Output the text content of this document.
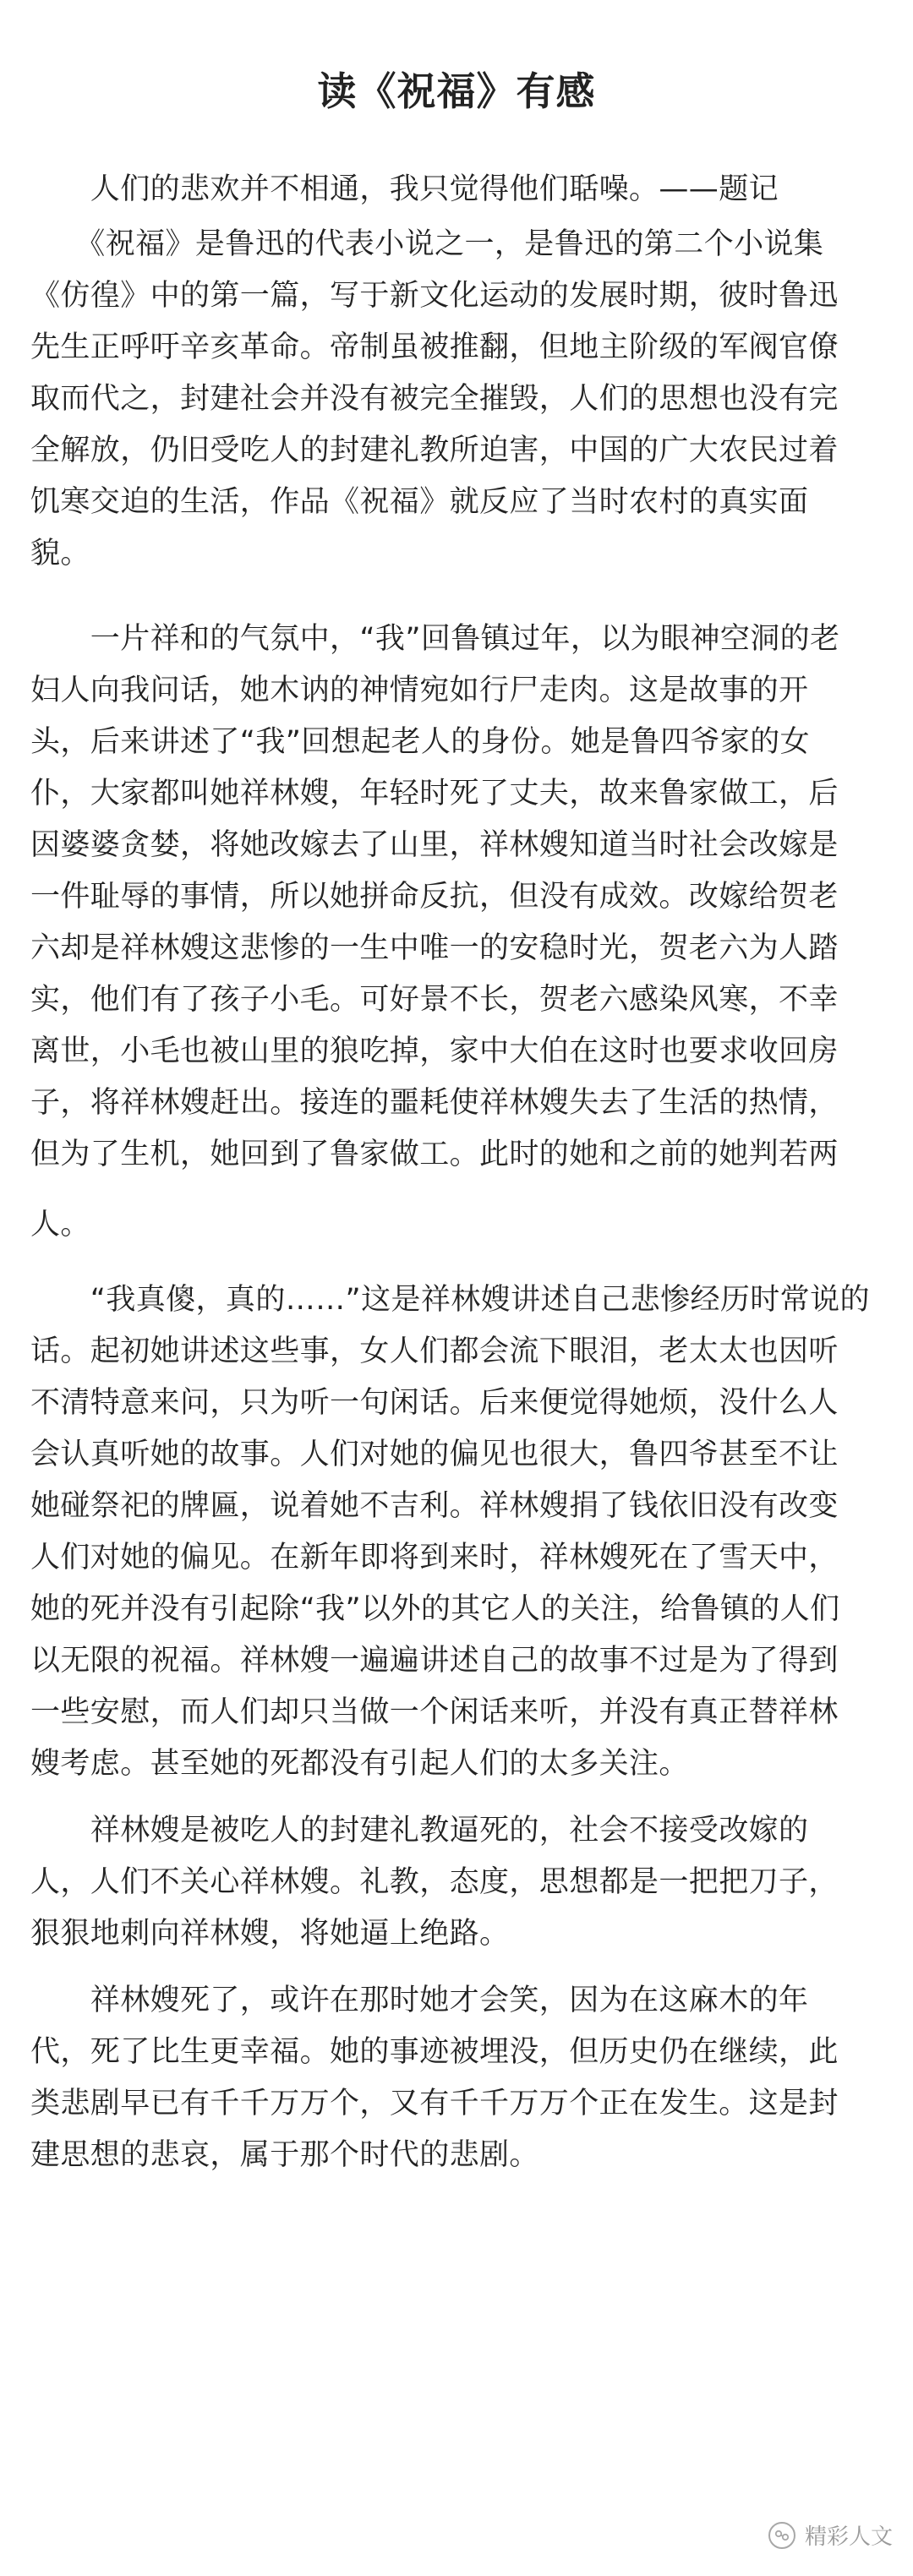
读《祝福》有感
　　人们的悲欢并不相通，我只觉得他们聒噪。——题记
　　《祝福》是鲁迅的代表小说之一，是鲁迅的第二个小说集
《仿徨》中的第一篇，写于新文化运动的发展时期，彼时鲁迅
先生正呼吁辛亥革命。帝制虽被推翻，但地主阶级的军阀官僚
取而代之，封建社会并没有被完全摧毁，人们的思想也没有完
全解放，仍旧受吃人的封建礼教所迫害，中国的广大农民过着
饥寒交迫的生活，作品《祝福》就反应了当时农村的真实面
貌。
　　一片祥和的气氛中，“我”回鲁镇过年，以为眼神空洞的老
妇人向我问话，她木讷的神情宛如行尸走肉。这是故事的开
头，后来讲述了“我”回想起老人的身份。她是鲁四爷家的女
仆，大家都叫她祥林嫂，年轻时死了丈夫，故来鲁家做工，后
因婆婆贪婪，将她改嫁去了山里，祥林嫂知道当时社会改嫁是
一件耻辱的事情，所以她拼命反抗，但没有成效。改嫁给贺老
六却是祥林嫂这悲惨的一生中唯一的安稳时光，贺老六为人踏
实，他们有了孩子小毛。可好景不长，贺老六感染风寒，不幸
离世，小毛也被山里的狼吃掉，家中大伯在这时也要求收回房
子，将祥林嫂赶出。接连的噩耗使祥林嫂失去了生活的热情，
但为了生机，她回到了鲁家做工。此时的她和之前的她判若两
人。
　　“我真傻，真的……”这是祥林嫂讲述自己悲惨经历时常说的
话。起初她讲述这些事，女人们都会流下眼泪，老太太也因听
不清特意来问，只为听一句闲话。后来便觉得她烦，没什么人
会认真听她的故事。人们对她的偏见也很大，鲁四爷甚至不让
她碰祭祀的牌匾，说着她不吉利。祥林嫂捐了钱依旧没有改变
人们对她的偏见。在新年即将到来时，祥林嫂死在了雪天中，
她的死并没有引起除“我”以外的其它人的关注，给鲁镇的人们
以无限的祝福。祥林嫂一遍遍讲述自己的故事不过是为了得到
一些安慰，而人们却只当做一个闲话来听，并没有真正替祥林
嫂考虑。甚至她的死都没有引起人们的太多关注。
　　祥林嫂是被吃人的封建礼教逼死的，社会不接受改嫁的
人，人们不关心祥林嫂。礼教，态度，思想都是一把把刀子，
狠狠地刺向祥林嫂，将她逼上绝路。
　　祥林嫂死了，或许在那时她才会笑，因为在这麻木的年
代，死了比生更幸福。她的事迹被埋没，但历史仍在继续，此
类悲剧早已有千千万万个，又有千千万万个正在发生。这是封
建思想的悲哀，属于那个时代的悲剧。
精彩人文
